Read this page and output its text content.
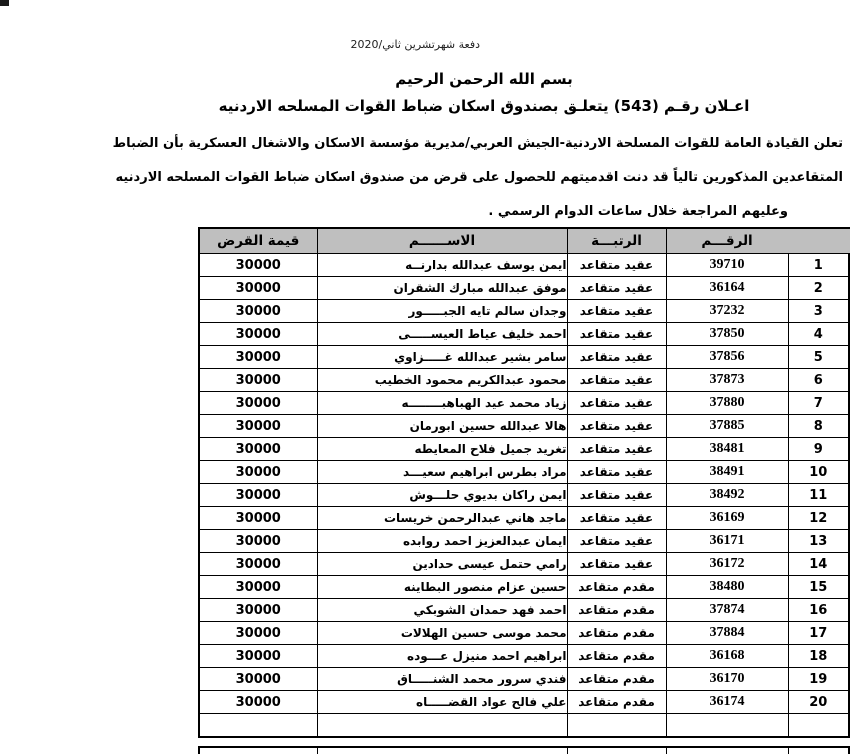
دفعة شهرتشرين ثاني/2020
بسم الله الرحمن الرحيم
اعـلان رقـم (543) يتعلـق بصندوق اسكان ضباط القوات المسلحه الاردنيه
تعلن القيادة العامة للقوات المسلحة الاردنية-الجيش العربي/مديرية مؤسسة الاسكان والاشغال العسكرية بأن الضباط
المتقاعدين المذكورين تالياً قد دنت اقدميتهم للحصول على قرض من صندوق اسكان ضباط القوات المسلحه الاردنيه
وعليهم المراجعة خلال ساعات الدوام الرسمي .
	الرقـــم	الرتبـــة	الاســــــم	قيمة القرض
1	39710	عقيد متقاعد	ايمن يوسف عبدالله بدارنــه	30000
2	36164	عقيد متقاعد	موفق عبدالله مبارك الشقران	30000
3	37232	عقيد متقاعد	وجدان سالم تايه الجبـــــور	30000
4	37850	عقيد متقاعد	احمد خليف عياط العيســـــى	30000
5	37856	عقيد متقاعد	سامر بشير عبدالله غـــــزاوي	30000
6	37873	عقيد متقاعد	محمود عبدالكريم محمود الخطيب	30000
7	37880	عقيد متقاعد	زياد محمد عيد الهباهبــــــــه	30000
8	37885	عقيد متقاعد	هالا عبدالله حسين ابورمان	30000
9	38481	عقيد متقاعد	تغريد جميل فلاح المعايطه	30000
10	38491	عقيد متقاعد	مراد بطرس ابراهيم سعيـــد	30000
11	38492	عقيد متقاعد	ايمن راكان بديوي حلـــوش	30000
12	36169	عقيد متقاعد	ماجد هاني عبدالرحمن خريسات	30000
13	36171	عقيد متقاعد	ايمان عبدالعزيز احمد روابده	30000
14	36172	عقيد متقاعد	رامي حتمل عيسى حدادين	30000
15	38480	مقدم متقاعد	حسين عزام منصور البطاينه	30000
16	37874	مقدم متقاعد	احمد فهد حمدان الشوبكي	30000
17	37884	مقدم متقاعد	محمد موسى حسين الهلالات	30000
18	36168	مقدم متقاعد	ابراهيم احمد منيزل عـــوده	30000
19	36170	مقدم متقاعد	فندي سرور محمد الشنـــــاق	30000
20	36174	مقدم متقاعد	علي فالح عواد القضـــــاه	30000
